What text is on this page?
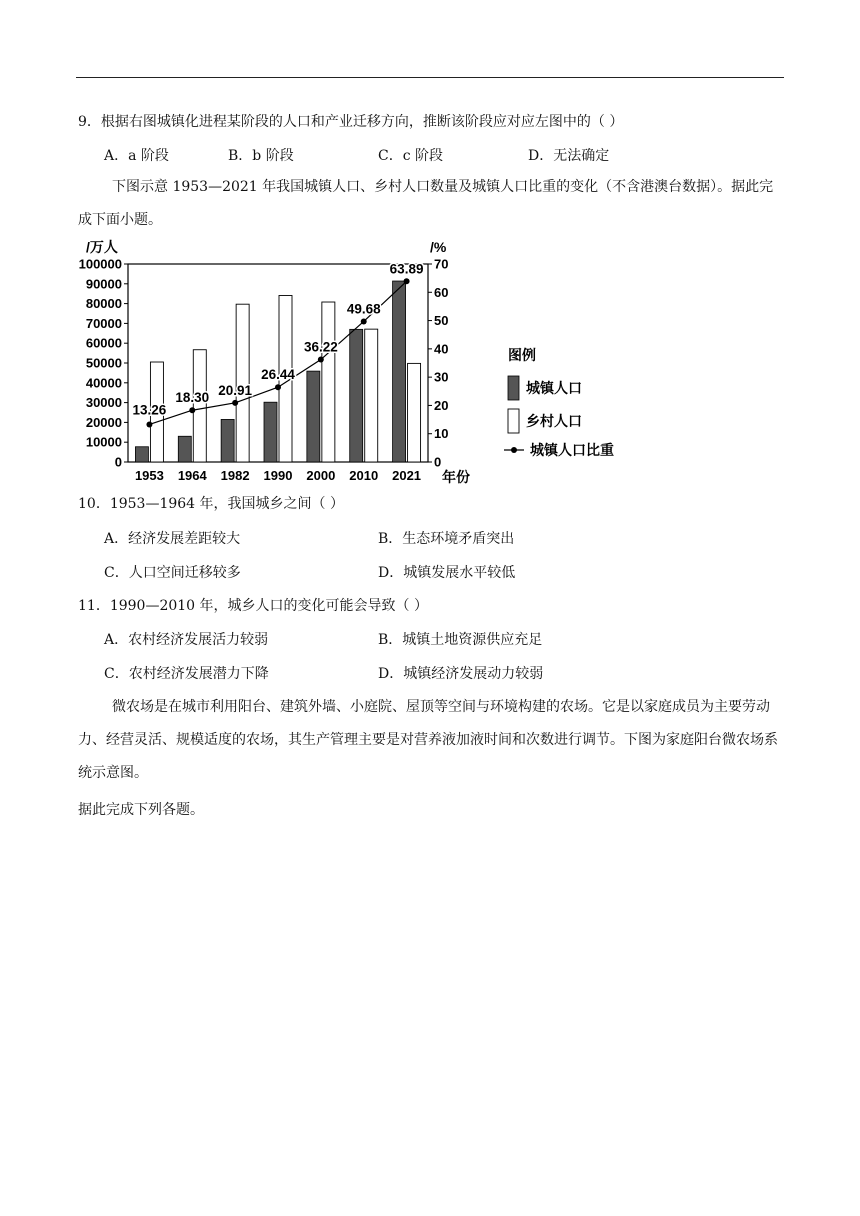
9．根据右图城镇化进程某阶段的人口和产业迁移方向，推断该阶段应对应左图中的（ ）
A．a 阶段	B．b 阶段	C．c 阶段	D．无法确定
下图示意 1953—2021 年我国城镇人口、乡村人口数量及城镇人口比重的变化（不含港澳台数据）。据此完成下面小题。
0
10000
20000
30000
40000
50000
60000
70000
80000
90000
100000
/万人
0
10
20
30
40
50
60
70
/%
1953 1964 1982 1990 2000 2010 2021 年份
13.26
18.30 20.91
26.44
36.22
49.68
63.89
图例
城镇人口
乡村人口
城镇人口比重
10．1953—1964 年，我国城乡之间（ ）
A．经济发展差距较大	B．生态环境矛盾突出
C．人口空间迁移较多	D．城镇发展水平较低
11．1990—2010 年，城乡人口的变化可能会导致（ ）
A．农村经济发展活力较弱	B．城镇土地资源供应充足
C．农村经济发展潜力下降	D．城镇经济发展动力较弱
微农场是在城市利用阳台、建筑外墙、小庭院、屋顶等空间与环境构建的农场。它是以家庭成员为主要劳动力、经营灵活、规模适度的农场，其生产管理主要是对营养液加液时间和次数进行调节。下图为家庭阳台微农场系统示意图。
据此完成下列各题。
